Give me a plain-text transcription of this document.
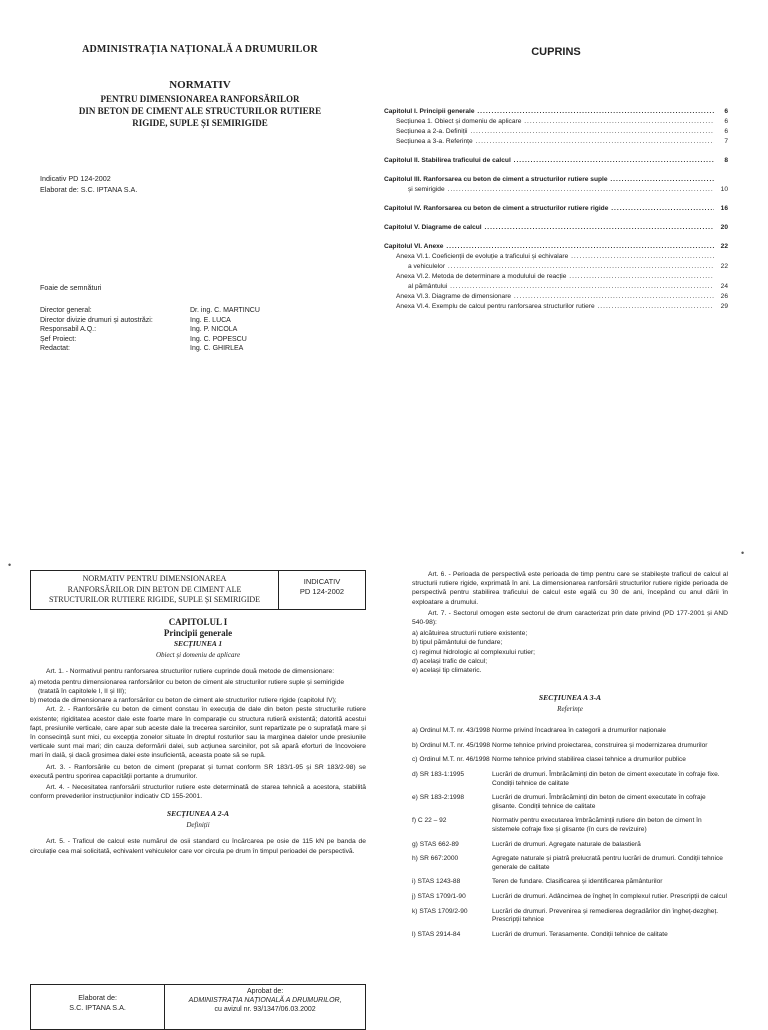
ADMINISTRAȚIA NAȚIONALĂ A DRUMURILOR
NORMATIV
PENTRU DIMENSIONAREA RANFORSĂRILOR
DIN BETON DE CIMENT ALE STRUCTURILOR RUTIERE
RIGIDE, SUPLE ȘI SEMIRIGIDE
Indicativ PD 124-2002
Elaborat de: S.C. IPTANA S.A.
Foaie de semnături
Director general:	Dr. ing. C. MARTINCU
Director divizie drumuri și autostrăzi:	Ing. E. LUCA
Responsabil A.Q.:	Ing. P. NICOLA
Șef Proiect:	Ing. C. POPESCU
Redactat:	Ing. C. GHIRLEA
CUPRINS
Capitolul I. Principii generale .....	6
Secțiunea 1. Obiect și domeniu de aplicare .....	6
Secțiunea a 2-a. Definiții .....	6
Secțiunea a 3-a. Referințe .....	7
Capitolul II. Stabilirea traficului de calcul .....	8
Capitolul III. Ranforsarea cu beton de ciment a structurilor rutiere suple .....
și semirigide .....	10
Capitolul IV. Ranforsarea cu beton de ciment a structurilor rutiere rigide .....	16
Capitolul V. Diagrame de calcul .....	20
Capitolul VI. Anexe .....	22
Anexa VI.1. Coeficienții de evoluție a traficului și echivalare .....
a vehiculelor .....	22
Anexa VI.2. Metoda de determinare a modulului de reacție .....
al pământului .....	24
Anexa VI.3. Diagrame de dimensionare .....	26
Anexa VI.4. Exemplu de calcul pentru ranforsarea structurilor rutiere .....	29
NORMATIV PENTRU DIMENSIONAREA
RANFORSĂRILOR DIN BETON DE CIMENT ALE
STRUCTURILOR RUTIERE RIGIDE, SUPLE ȘI SEMIRIGIDE
INDICATIV
PD 124-2002
CAPITOLUL I
Principii generale
SECȚIUNEA 1
Obiect și domeniu de aplicare

Art. 1. - Normativul pentru ranforsarea structurilor rutiere cuprinde două metode de dimensionare:

a) metoda pentru dimensionarea ranforsărilor cu beton de ciment ale structurilor rutiere suple și semirigide (tratată în capitolele I, II și III);

b) metoda de dimensionare a ranforsărilor cu beton de ciment ale structurilor rutiere rigide (capitolul IV);

Art. 2. - Ranforsările cu beton de ciment constau în execuția de dale din beton peste structurile rutiere existente; rigiditatea acestor dale este foarte mare în comparație cu structura rutieră existentă; datorită acestui fapt, presiunile verticale, care apar sub aceste dale la trecerea sarcinilor, sunt repartizate pe o suprafață mare și în consecință sunt mici, cu excepția zonelor situate în dreptul rosturilor sau la marginea dalelor unde presiunile verticale sunt mai mari; din cauza deformării dalei, sub acțiunea sarcinilor, pot să apară eforturi de încovoiere mari în dală, și dacă grosimea dalei este insuficientă, aceasta poate să se rupă.

Art. 3. - Ranforsările cu beton de ciment (preparat și turnat conform SR 183/1-95 și SR 183/2-98) se execută pentru sporirea capacității portante a drumurilor.

Art. 4. - Necesitatea ranforsării structurilor rutiere este determinată de starea tehnică a acestora, stabilită conform prevederilor instrucțiunilor indicativ CD 155-2001.

SECȚIUNEA A 2-A
Definiții

Art. 5. - Traficul de calcul este numărul de osii standard cu încărcarea pe osie de 115 kN pe banda de circulație cea mai solicitată, echivalent vehiculelor care vor circula pe drum în timpul perioadei de perspectivă.

Elaborat de:
S.C. IPTANA S.A.
Aprobat de:
ADMINISTRAȚIA NAȚIONALĂ A DRUMURILOR,
cu avizul nr. 93/1347/06.03.2002

Art. 6. - Perioada de perspectivă este perioada de timp pentru care se stabilește traficul de calcul al structurii rutiere rigide, exprimată în ani. La dimensionarea ranforsării structurilor rutiere rigide perioada de perspectivă pentru stabilirea traficului de calcul este egală cu 30 de ani, începând cu anul dării în exploatare a drumului.

Art. 7. - Sectorul omogen este sectorul de drum caracterizat prin date privind (PD 177-2001 și AND 540-98):

a) alcătuirea structurii rutiere existente;

b) tipul pământului de fundare;

c) regimul hidrologic al complexului rutier;

d) același trafic de calcul;

e) același tip climateric.

SECȚIUNEA A 3-A
Referințe
a) Ordinul M.T. nr. 43/1998 Norme privind încadrarea în categorii a drumurilor naționale
b) Ordinul M.T. nr. 45/1998 Norme tehnice privind proiectarea, construirea și modernizarea drumurilor
c) Ordinul M.T. nr. 46/1998 Norme tehnice privind stabilirea clasei tehnice a drumurilor publice
d) SR 183-1:1995	Lucrări de drumuri. Îmbrăcăminți din beton de ciment executate în cofraje fixe. Condiții tehnice de calitate
e) SR 183-2:1998	Lucrări de drumuri. Îmbrăcăminți din beton de ciment executate în cofraje glisante. Condiții tehnice de calitate
f) C 22 – 92	Normativ pentru executarea îmbrăcăminții rutiere din beton de ciment în sistemele cofraje fixe și glisante (în curs de revizuire)
g) STAS 662-89	Lucrări de drumuri. Agregate naturale de balastieră
h) SR 667:2000	Agregate naturale și piatră prelucrată pentru lucrări de drumuri. Condiții tehnice generale de calitate
i) STAS 1243-88	Teren de fundare. Clasificarea și identificarea pământurilor
j) STAS 1709/1-90	Lucrări de drumuri. Adâncimea de îngheț în complexul rutier. Prescripții de calcul
k) STAS 1709/2-90	Lucrări de drumuri. Prevenirea și remedierea degradărilor din îngheț-dezgheț. Prescripții tehnice
l) STAS 2914-84	Lucrări de drumuri. Terasamente. Condiții tehnice de calitate
•
•
